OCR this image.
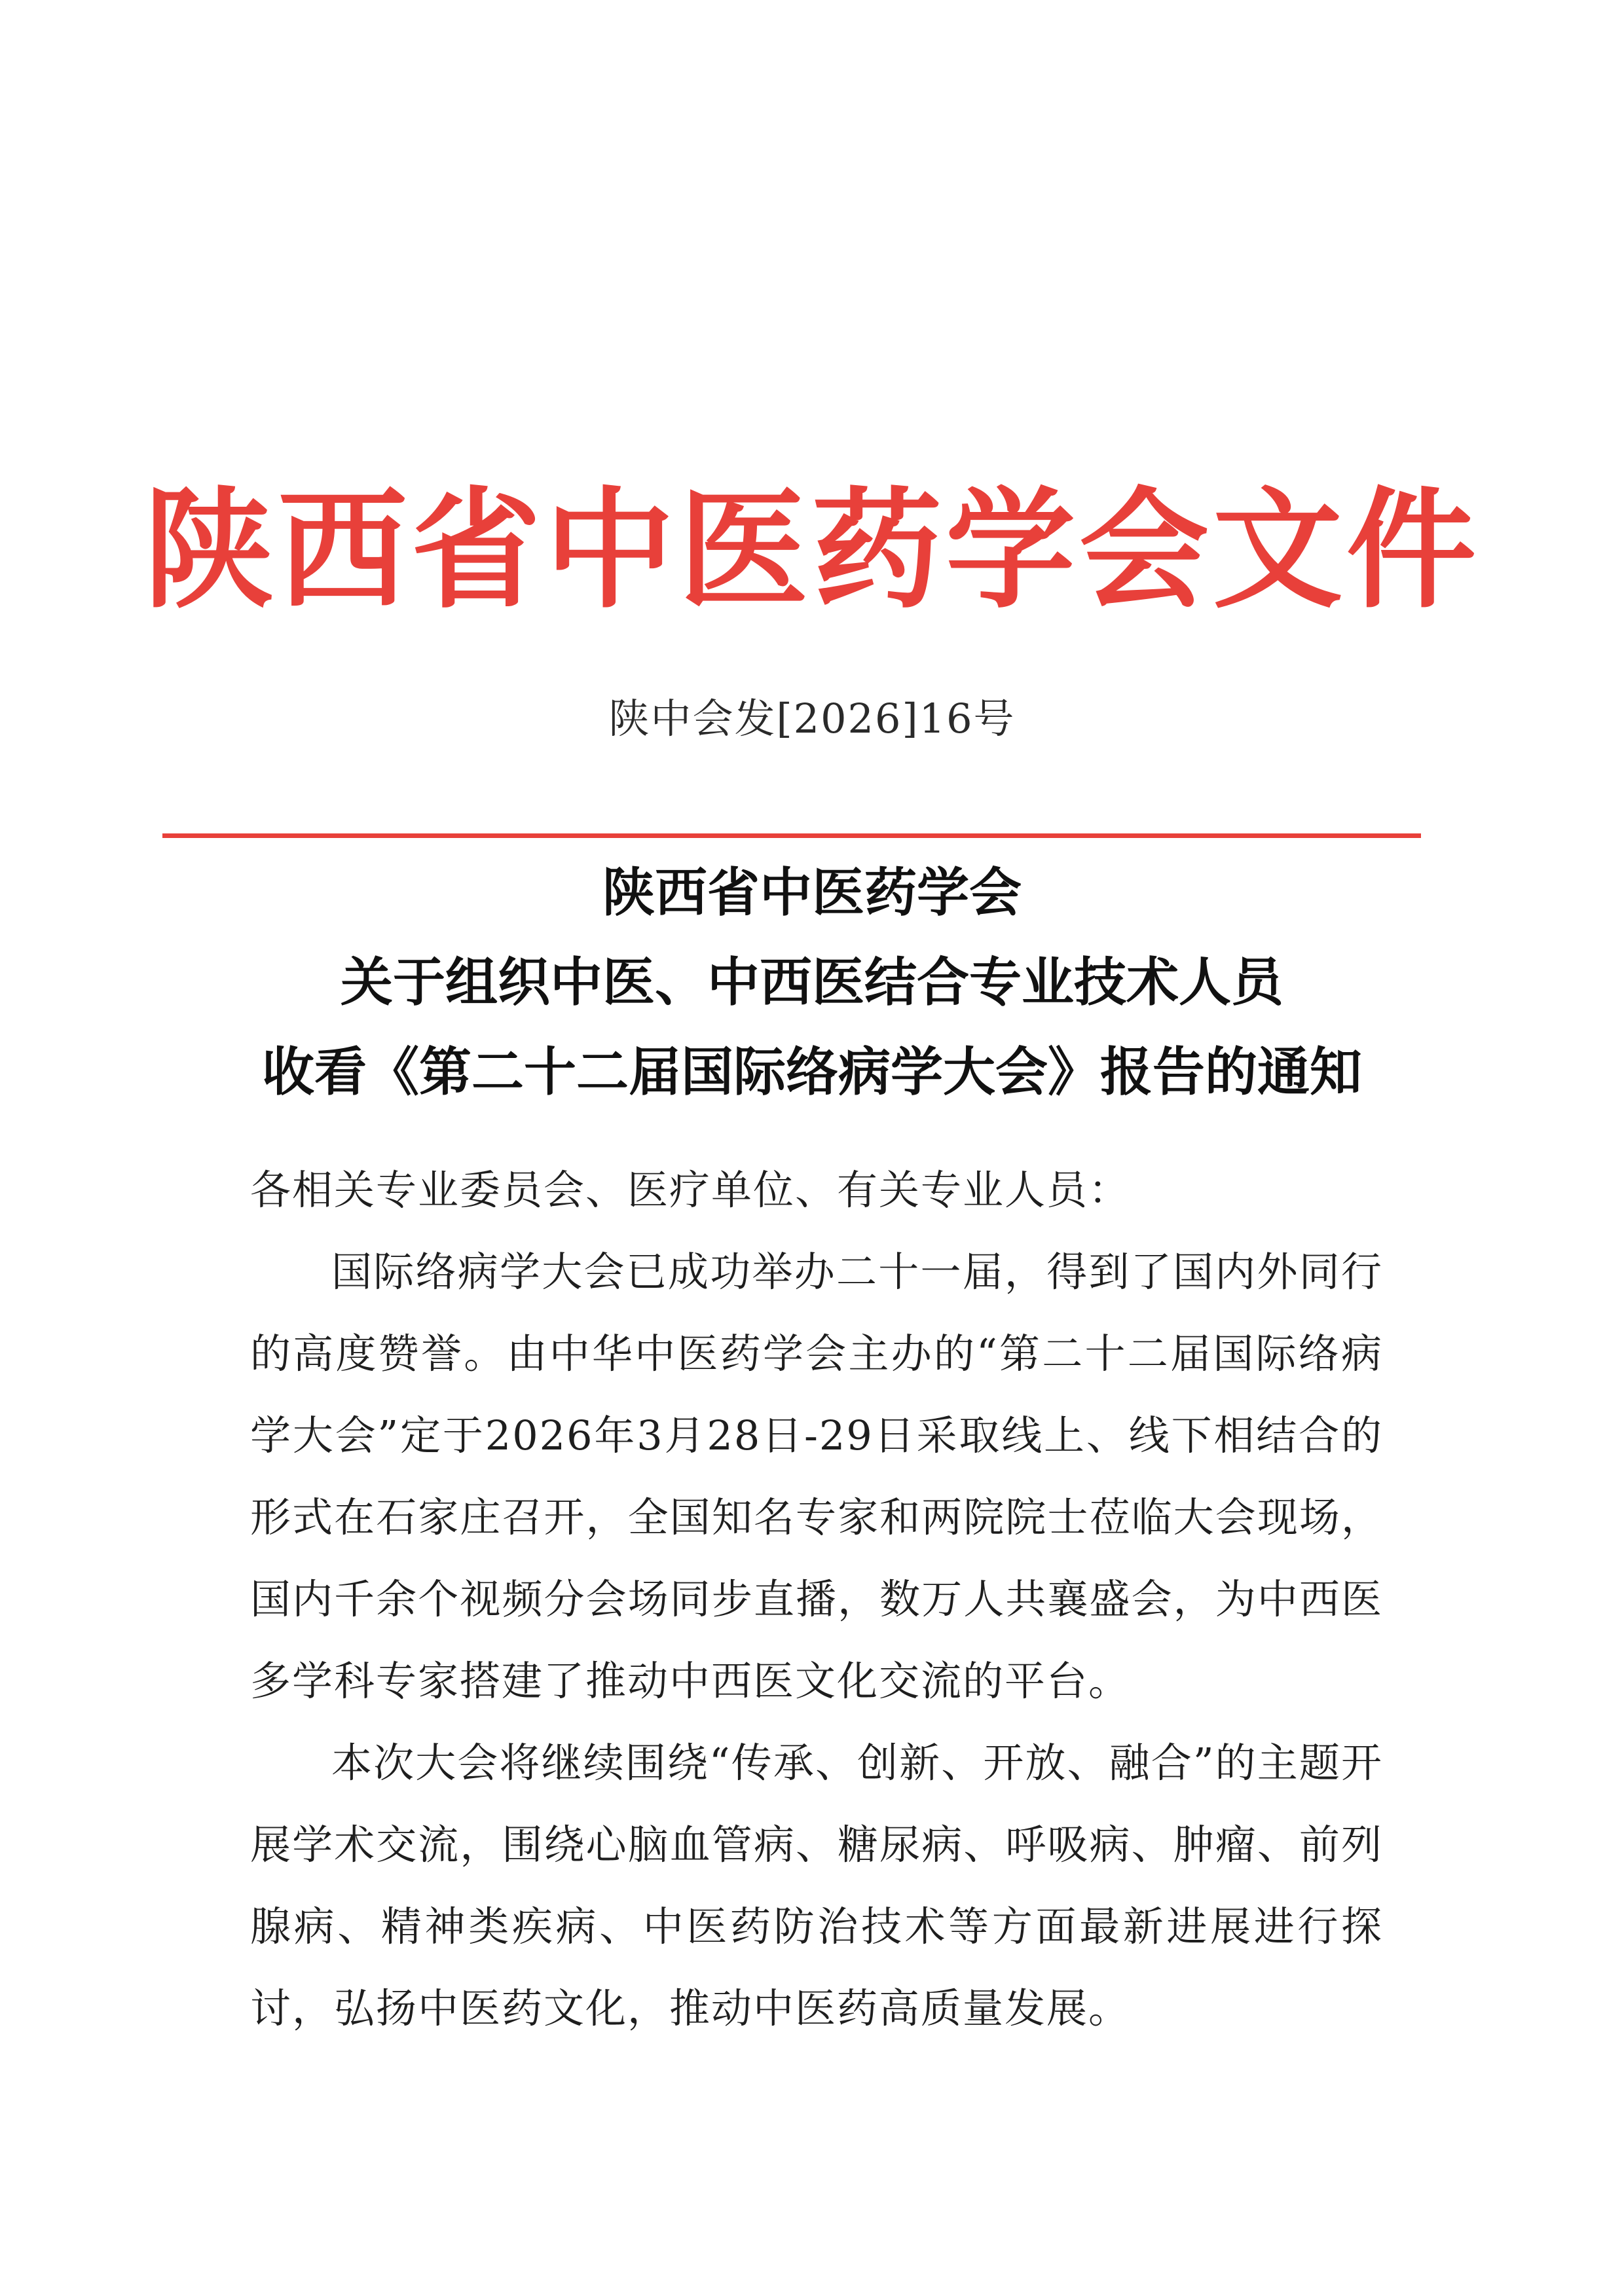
陕西省中医药学会文件
陕中会发[2026]16号
陕西省中医药学会
关于组织中医、中西医结合专业技术人员
收看《第二十二届国际络病学大会》报告的通知
各相关专业委员会、医疗单位、有关专业人员：

国际络病学大会已成功举办二十一届，得到了国内外同行的高度赞誉。由中华中医药学会主办的“第二十二届国际络病学大会”定于2026年3月28日-29日采取线上、线下相结合的形式在石家庄召开，全国知名专家和两院院士莅临大会现场，国内千余个视频分会场同步直播，数万人共襄盛会，为中西医多学科专家搭建了推动中西医文化交流的平台。

本次大会将继续围绕“传承、创新、开放、融合”的主题开展学术交流，围绕心脑血管病、糖尿病、呼吸病、肿瘤、前列腺病、精神类疾病、中医药防治技术等方面最新进展进行探讨，弘扬中医药文化，推动中医药高质量发展。
